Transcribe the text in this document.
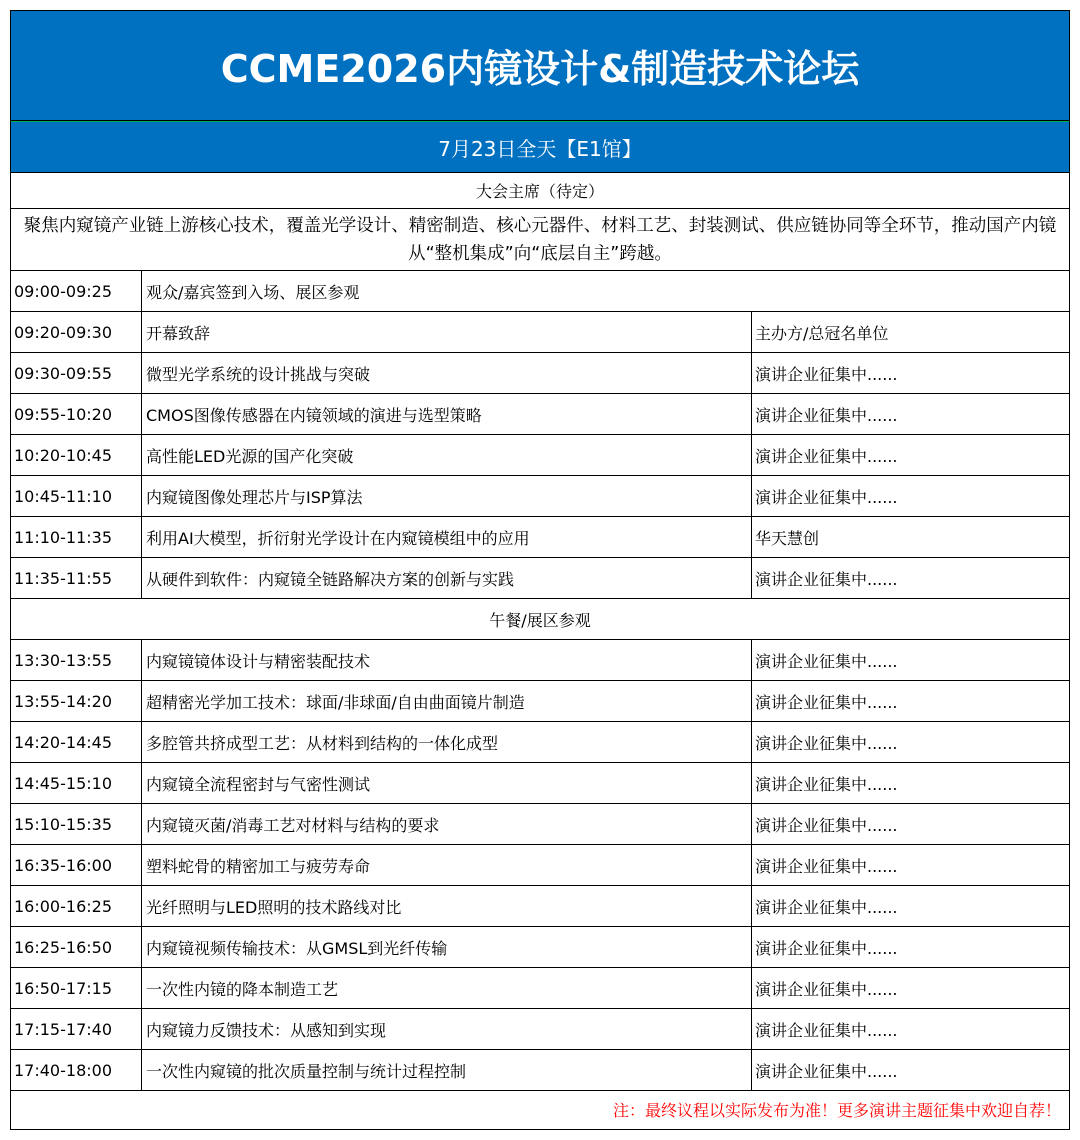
CCME2026内镜设计&制造技术论坛
7月23日全天【E1馆】
大会主席（待定）
聚焦内窥镜产业链上游核心技术，覆盖光学设计、精密制造、核心元器件、材料工艺、封装测试、供应链协同等全环节，推动国产内镜从“整机集成”向“底层自主”跨越。
09:00-09:25	观众/嘉宾签到入场、展区参观
09:20-09:30	开幕致辞	主办方/总冠名单位
09:30-09:55	微型光学系统的设计挑战与突破	演讲企业征集中......
09:55-10:20	CMOS图像传感器在内镜领域的演进与选型策略	演讲企业征集中......
10:20-10:45	高性能LED光源的国产化突破	演讲企业征集中......
10:45-11:10	内窥镜图像处理芯片与ISP算法	演讲企业征集中......
11:10-11:35	利用AI大模型，折衍射光学设计在内窥镜模组中的应用	华天慧创
11:35-11:55	从硬件到软件：内窥镜全链路解决方案的创新与实践	演讲企业征集中......
午餐/展区参观
13:30-13:55	内窥镜镜体设计与精密装配技术	演讲企业征集中......
13:55-14:20	超精密光学加工技术：球面/非球面/自由曲面镜片制造	演讲企业征集中......
14:20-14:45	多腔管共挤成型工艺：从材料到结构的一体化成型	演讲企业征集中......
14:45-15:10	内窥镜全流程密封与气密性测试	演讲企业征集中......
15:10-15:35	内窥镜灭菌/消毒工艺对材料与结构的要求	演讲企业征集中......
16:35-16:00	塑料蛇骨的精密加工与疲劳寿命	演讲企业征集中......
16:00-16:25	光纤照明与LED照明的技术路线对比	演讲企业征集中......
16:25-16:50	内窥镜视频传输技术：从GMSL到光纤传输	演讲企业征集中......
16:50-17:15	一次性内镜的降本制造工艺	演讲企业征集中......
17:15-17:40	内窥镜力反馈技术：从感知到实现	演讲企业征集中......
17:40-18:00	一次性内窥镜的批次质量控制与统计过程控制	演讲企业征集中......
注：最终议程以实际发布为准！更多演讲主题征集中欢迎自荐！
